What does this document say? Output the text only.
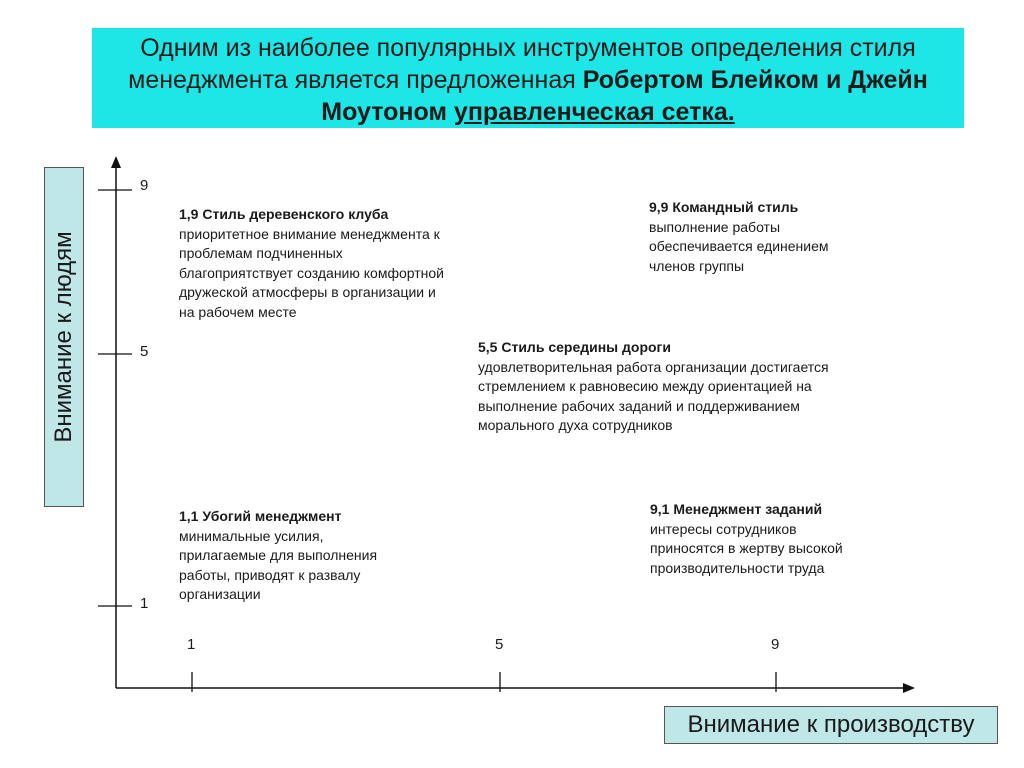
Одним из наиболее популярных инструментов определения стиля менеджмента является предложенная Робертом Блейком и Джейн Моутоном управленческая сетка.
Внимание к людям
9
5
1
1	5	9
1,9 Стиль деревенского клуба
приоритетное внимание менеджмента к проблемам подчиненных благоприятствует созданию комфортной дружеской атмосферы в организации и на рабочем месте
9,9 Командный стиль
выполнение работы обеспечивается единением членов группы
5,5 Стиль середины дороги
удовлетворительная работа организации достигается стремлением к равновесию между ориентацией на выполнение рабочих заданий и поддерживанием морального духа сотрудников
1,1 Убогий менеджмент
минимальные усилия, прилагаемые для выполнения работы, приводят к развалу организации
9,1 Менеджмент заданий
интересы сотрудников приносятся в жертву высокой производительности труда
Внимание к производству
